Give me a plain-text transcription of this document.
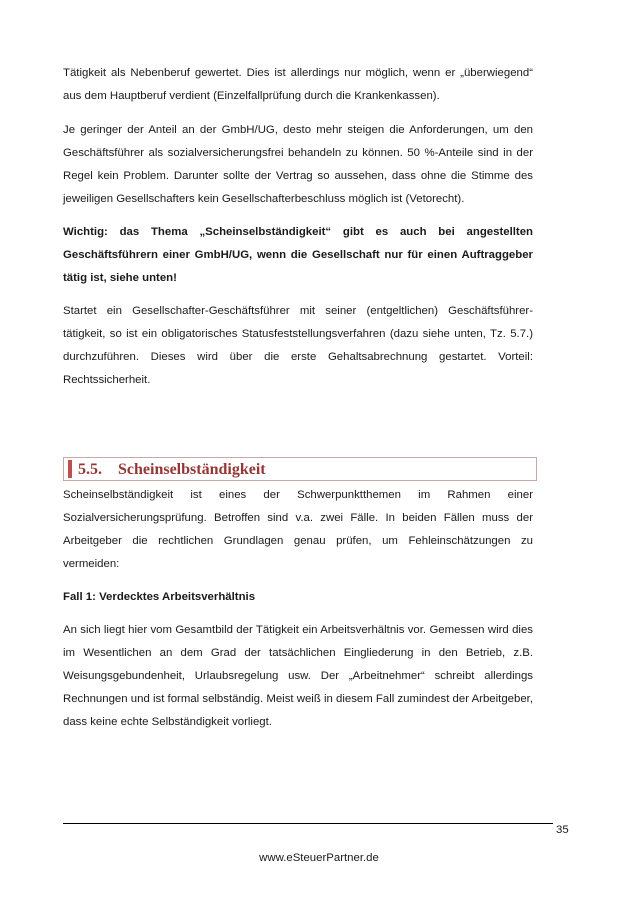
Tätigkeit als Nebenberuf gewertet. Dies ist allerdings nur möglich, wenn er „überwiegend“ aus dem Hauptberuf verdient (Einzelfallprüfung durch die Krankenkassen).

Je geringer der Anteil an der GmbH/UG, desto mehr steigen die Anforderungen, um den Geschäftsführer als sozialversicherungsfrei behandeln zu können. 50 %-Anteile sind in der Regel kein Problem. Darunter sollte der Vertrag so aussehen, dass ohne die Stimme des jeweiligen Gesellschafters kein Gesellschafterbeschluss möglich ist (Vetorecht).

Wichtig: das Thema „Scheinselbständigkeit“ gibt es auch bei angestellten Geschäftsführern einer GmbH/UG, wenn die Gesellschaft nur für einen Auftraggeber tätig ist, siehe unten!

Startet ein Gesellschafter-Geschäftsführer mit seiner (entgeltlichen) Geschäftsführer-tätigkeit, so ist ein obligatorisches Statusfeststellungsverfahren (dazu siehe unten, Tz. 5.7.) durchzuführen. Dieses wird über die erste Gehaltsabrechnung gestartet. Vorteil: Rechtssicherheit.

5.5. Scheinselbständigkeit

Scheinselbständigkeit ist eines der Schwerpunktthemen im Rahmen einer Sozialversicherungsprüfung. Betroffen sind v.a. zwei Fälle. In beiden Fällen muss der Arbeitgeber die rechtlichen Grundlagen genau prüfen, um Fehleinschätzungen zu vermeiden:

Fall 1: Verdecktes Arbeitsverhältnis

An sich liegt hier vom Gesamtbild der Tätigkeit ein Arbeitsverhältnis vor. Gemessen wird dies im Wesentlichen an dem Grad der tatsächlichen Eingliederung in den Betrieb, z.B. Weisungsgebundenheit, Urlaubsregelung usw. Der „Arbeitnehmer“ schreibt allerdings Rechnungen und ist formal selbständig. Meist weiß in diesem Fall zumindest der Arbeitgeber, dass keine echte Selbständigkeit vorliegt.

35
www.eSteuerPartner.de
